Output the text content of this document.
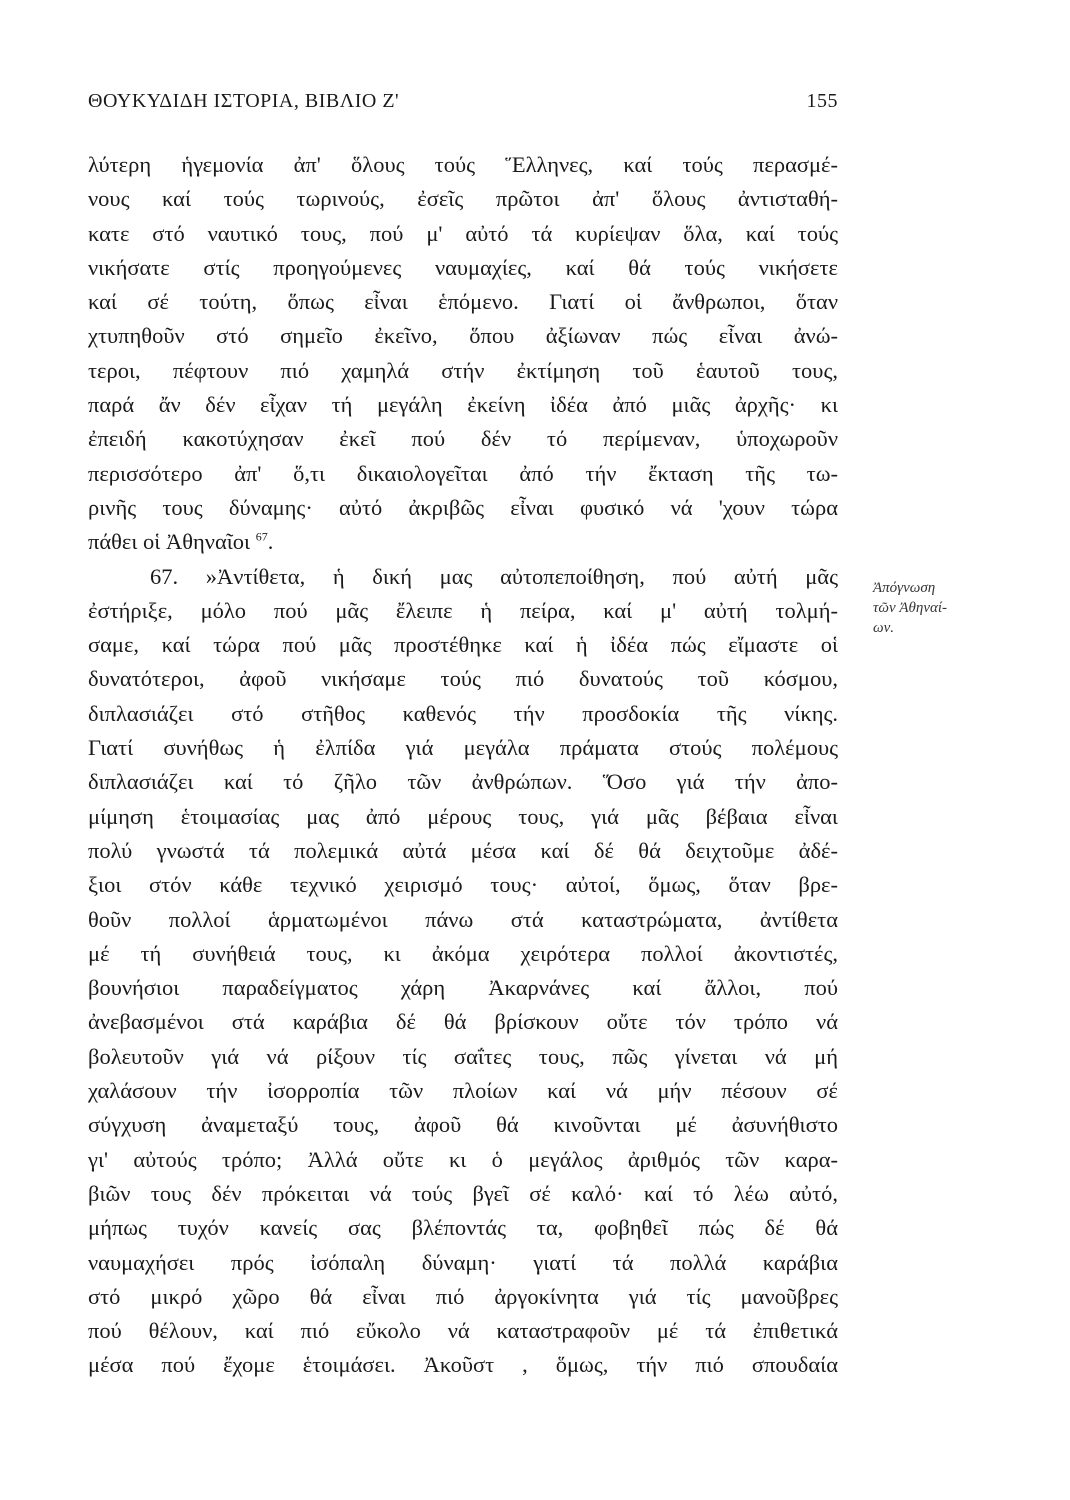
ΘΟΥΚΥΔΙΔΗ ΙΣΤΟΡΙΑ, ΒΙΒΛΙΟ Ζ'	155
λύτερη ἡγεμονία ἀπ' ὅλους τούς Ἕλληνες, καί τούς περασμέ-
νους καί τούς τωρινούς, ἐσεῖς πρῶτοι ἀπ' ὅλους ἀντισταθή-
κατε στό ναυτικό τους, πού μ' αὐτό τά κυρίεψαν ὅλα, καί τούς
νικήσατε στίς προηγούμενες ναυμαχίες, καί θά τούς νικήσετε
καί σέ τούτη, ὅπως εἶναι ἑπόμενο. Γιατί οἱ ἄνθρωποι, ὅταν
χτυπηθοῦν στό σημεῖο ἐκεῖνο, ὅπου ἀξίωναν πώς εἶναι ἀνώ-
τεροι, πέφτουν πιό χαμηλά στήν ἐκτίμηση τοῦ ἑαυτοῦ τους,
παρά ἄν δέν εἶχαν τή μεγάλη ἐκείνη ἰδέα ἀπό μιᾶς ἀρχῆς· κι
ἐπειδή κακοτύχησαν ἐκεῖ πού δέν τό περίμεναν, ὑποχωροῦν
περισσότερο ἀπ' ὅ,τι δικαιολογεῖται ἀπό τήν ἔκταση τῆς τω-
ρινῆς τους δύναμης· αὐτό ἀκριβῶς εἶναι φυσικό νά 'χουν τώρα
πάθει οἱ Ἀθηναῖοι $^{67}$.
67. »Ἀντίθετα, ἡ δική μας αὐτοπεποίθηση, πού αὐτή μᾶς
ἐστήριξε, μόλο πού μᾶς ἔλειπε ἡ πείρα, καί μ' αὐτή τολμή-
σαμε, καί τώρα πού μᾶς προστέθηκε καί ἡ ἰδέα πώς εἴμαστε οἱ
δυνατότεροι, ἀφοῦ νικήσαμε τούς πιό δυνατούς τοῦ κόσμου,
διπλασιάζει στό στῆθος καθενός τήν προσδοκία τῆς νίκης.
Γιατί συνήθως ἡ ἐλπίδα γιά μεγάλα πράματα στούς πολέμους
διπλασιάζει καί τό ζῆλο τῶν ἀνθρώπων. Ὅσο γιά τήν ἀπο-
μίμηση ἑτοιμασίας μας ἀπό μέρους τους, γιά μᾶς βέβαια εἶναι
πολύ γνωστά τά πολεμικά αὐτά μέσα καί δέ θά δειχτοῦμε ἀδέ-
ξιοι στόν κάθε τεχνικό χειρισμό τους· αὐτοί, ὅμως, ὅταν βρε-
θοῦν πολλοί ἁρματωμένοι πάνω στά καταστρώματα, ἀντίθετα
μέ τή συνήθειά τους, κι ἀκόμα χειρότερα πολλοί ἀκοντιστές,
βουνήσιοι παραδείγματος χάρη Ἀκαρνάνες καί ἄλλοι, πού
ἀνεβασμένοι στά καράβια δέ θά βρίσκουν οὔτε τόν τρόπο νά
βολευτοῦν γιά νά ρίξουν τίς σαΐτες τους, πῶς γίνεται νά μή
χαλάσουν τήν ἰσορροπία τῶν πλοίων καί νά μήν πέσουν σέ
σύγχυση ἀναμεταξύ τους, ἀφοῦ θά κινοῦνται μέ ἀσυνήθιστο
γι' αὐτούς τρόπο; Ἀλλά οὔτε κι ὁ μεγάλος ἀριθμός τῶν καρα-
βιῶν τους δέν πρόκειται νά τούς βγεῖ σέ καλό· καί τό λέω αὐτό,
μήπως τυχόν κανείς σας βλέποντάς τα, φοβηθεῖ πώς δέ θά
ναυμαχήσει πρός ἰσόπαλη δύναμη· γιατί τά πολλά καράβια
στό μικρό χῶρο θά εἶναι πιό ἀργοκίνητα γιά τίς μανοῦβρες
πού θέλουν, καί πιό εὔκολο νά καταστραφοῦν μέ τά ἐπιθετικά
μέσα πού ἔχομε ἑτοιμάσει. Ἀκοῦστ , ὅμως, τήν πιό σπουδαία
Ἀπόγνωση
τῶν Ἀθηναί-
ων.
